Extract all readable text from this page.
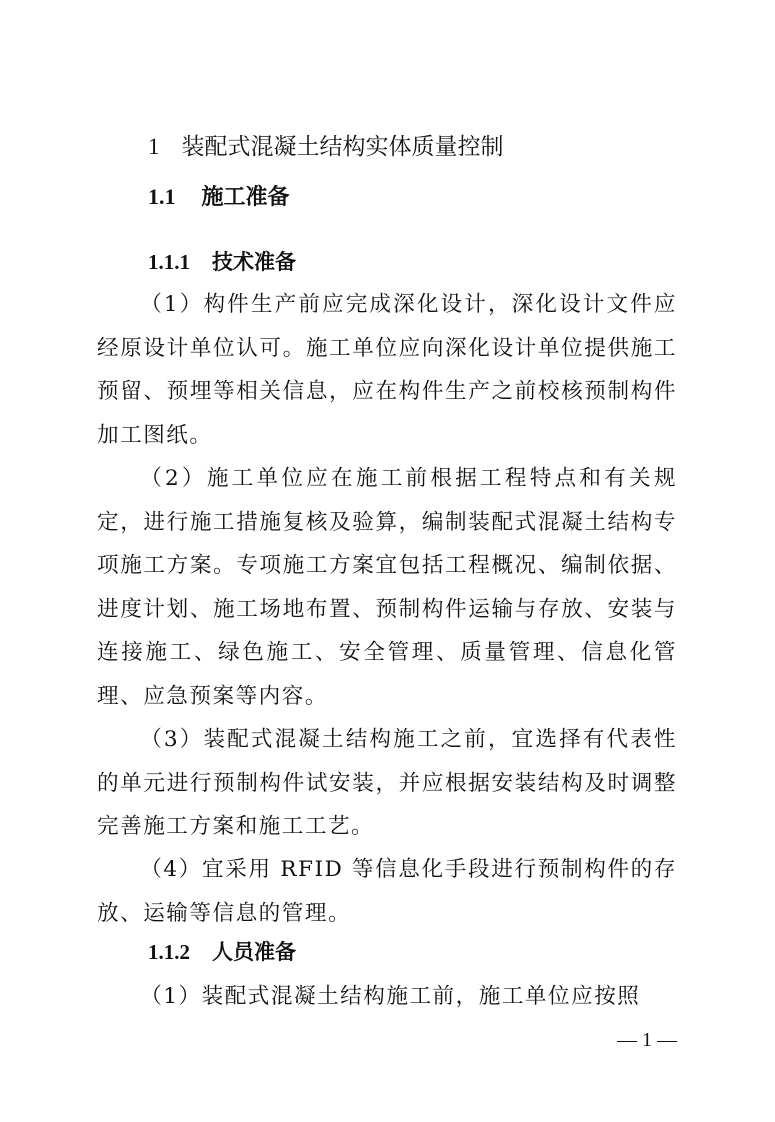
1 装配式混凝土结构实体质量控制
1.1 施工准备
1.1.1 技术准备

（1）构件生产前应完成深化设计，深化设计文件应经原设计单位认可。施工单位应向深化设计单位提供施工预留、预埋等相关信息，应在构件生产之前校核预制构件加工图纸。

（2）施工单位应在施工前根据工程特点和有关规定，进行施工措施复核及验算，编制装配式混凝土结构专项施工方案。专项施工方案宜包括工程概况、编制依据、进度计划、施工场地布置、预制构件运输与存放、安装与连接施工、绿色施工、安全管理、质量管理、信息化管理、应急预案等内容。

（3）装配式混凝土结构施工之前，宜选择有代表性的单元进行预制构件试安装，并应根据安装结构及时调整完善施工方案和施工工艺。

（4）宜采用 RFID 等信息化手段进行预制构件的存放、运输等信息的管理。

1.1.2 人员准备

（1）装配式混凝土结构施工前，施工单位应按照

— 1 —
